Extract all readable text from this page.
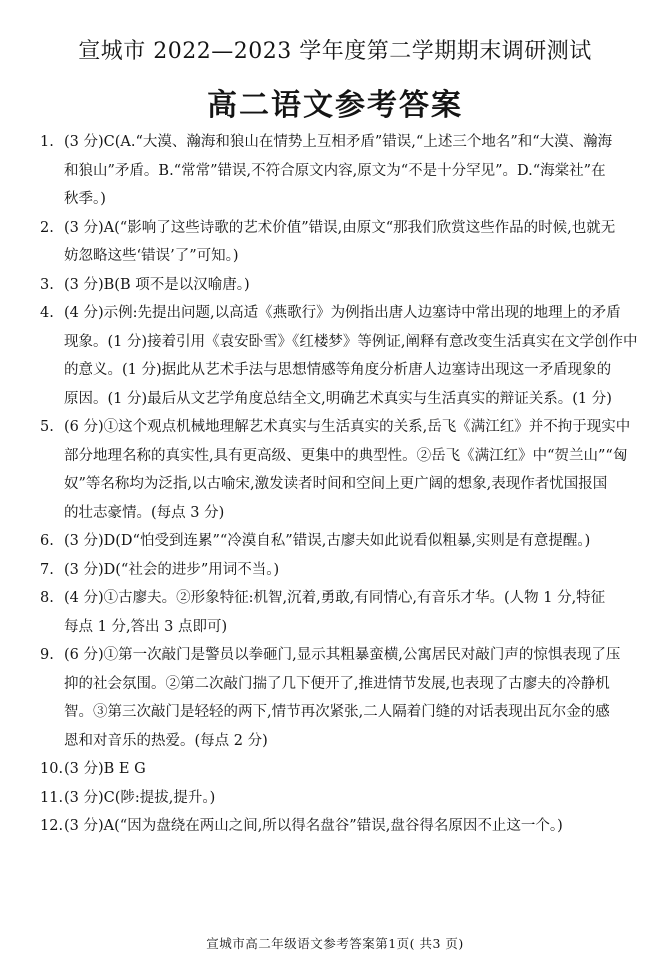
宣城市 2022—2023 学年度第二学期期末调研测试
高二语文参考答案
1. (3 分)C(A.“大漠、瀚海和狼山在情势上互相矛盾”错误,“上述三个地名”和“大漠、瀚海
和狼山”矛盾。B.“常常”错误,不符合原文内容,原文为“不是十分罕见”。D.“海棠社”在
秋季。)
2. (3 分)A(“影响了这些诗歌的艺术价值”错误,由原文“那我们欣赏这些作品的时候,也就无
妨忽略这些‘错误’了”可知。)
3. (3 分)B(B 项不是以汉喻唐。)
4. (4 分)示例:先提出问题,以高适《燕歌行》为例指出唐人边塞诗中常出现的地理上的矛盾
现象。(1 分)接着引用《袁安卧雪》《红楼梦》等例证,阐释有意改变生活真实在文学创作中
的意义。(1 分)据此从艺术手法与思想情感等角度分析唐人边塞诗出现这一矛盾现象的
原因。(1 分)最后从文艺学角度总结全文,明确艺术真实与生活真实的辩证关系。(1 分)
5. (6 分)①这个观点机械地理解艺术真实与生活真实的关系,岳飞《满江红》并不拘于现实中
部分地理名称的真实性,具有更高级、更集中的典型性。②岳飞《满江红》中“贺兰山”“匈
奴”等名称均为泛指,以古喻宋,激发读者时间和空间上更广阔的想象,表现作者忧国报国
的壮志豪情。(每点 3 分)
6. (3 分)D(D“怕受到连累”“冷漠自私”错误,古廖夫如此说看似粗暴,实则是有意提醒。)
7. (3 分)D(“社会的进步”用词不当。)
8. (4 分)①古廖夫。②形象特征:机智,沉着,勇敢,有同情心,有音乐才华。(人物 1 分,特征
每点 1 分,答出 3 点即可)
9. (6 分)①第一次敲门是警员以拳砸门,显示其粗暴蛮横,公寓居民对敲门声的惊惧表现了压
抑的社会氛围。②第二次敲门揣了几下便开了,推进情节发展,也表现了古廖夫的冷静机
智。③第三次敲门是轻轻的两下,情节再次紧张,二人隔着门缝的对话表现出瓦尔金的感
恩和对音乐的热爱。(每点 2 分)
10. (3 分)B E G
11. (3 分)C(陟:提拔,提升。)
12. (3 分)A(“因为盘绕在两山之间,所以得名盘谷”错误,盘谷得名原因不止这一个。)
宣城市高二年级语文参考答案第1页( 共3 页)
